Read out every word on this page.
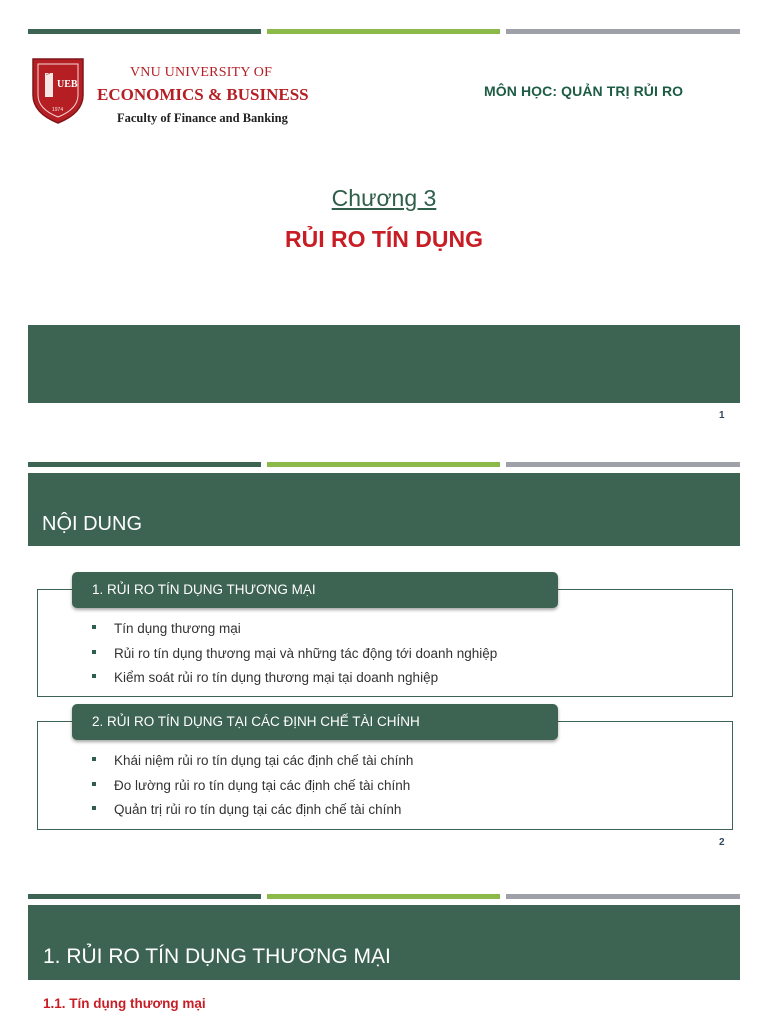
VNU
UEB
1974
VNU UNIVERSITY OF
ECONOMICS & BUSINESS
Faculty of Finance and Banking
MÔN HỌC: QUẢN TRỊ RỦI RO
Chương 3
RỦI RO TÍN DỤNG
1
NỘI DUNG
1. RỦI RO TÍN DỤNG THƯƠNG MẠI
Tín dụng thương mại
Rủi ro tín dụng thương mại và những tác động tới doanh nghiệp
Kiểm soát rủi ro tín dụng thương mại tại doanh nghiệp
2. RỦI RO TÍN DỤNG TẠI CÁC ĐỊNH CHẾ TÀI CHÍNH
Khái niệm rủi ro tín dụng tại các định chế tài chính
Đo lường rủi ro tín dụng tại các định chế tài chính
Quản trị rủi ro tín dụng tại các định chế tài chính
2
1. RỦI RO TÍN DỤNG THƯƠNG MẠI
1.1. Tín dụng thương mại
